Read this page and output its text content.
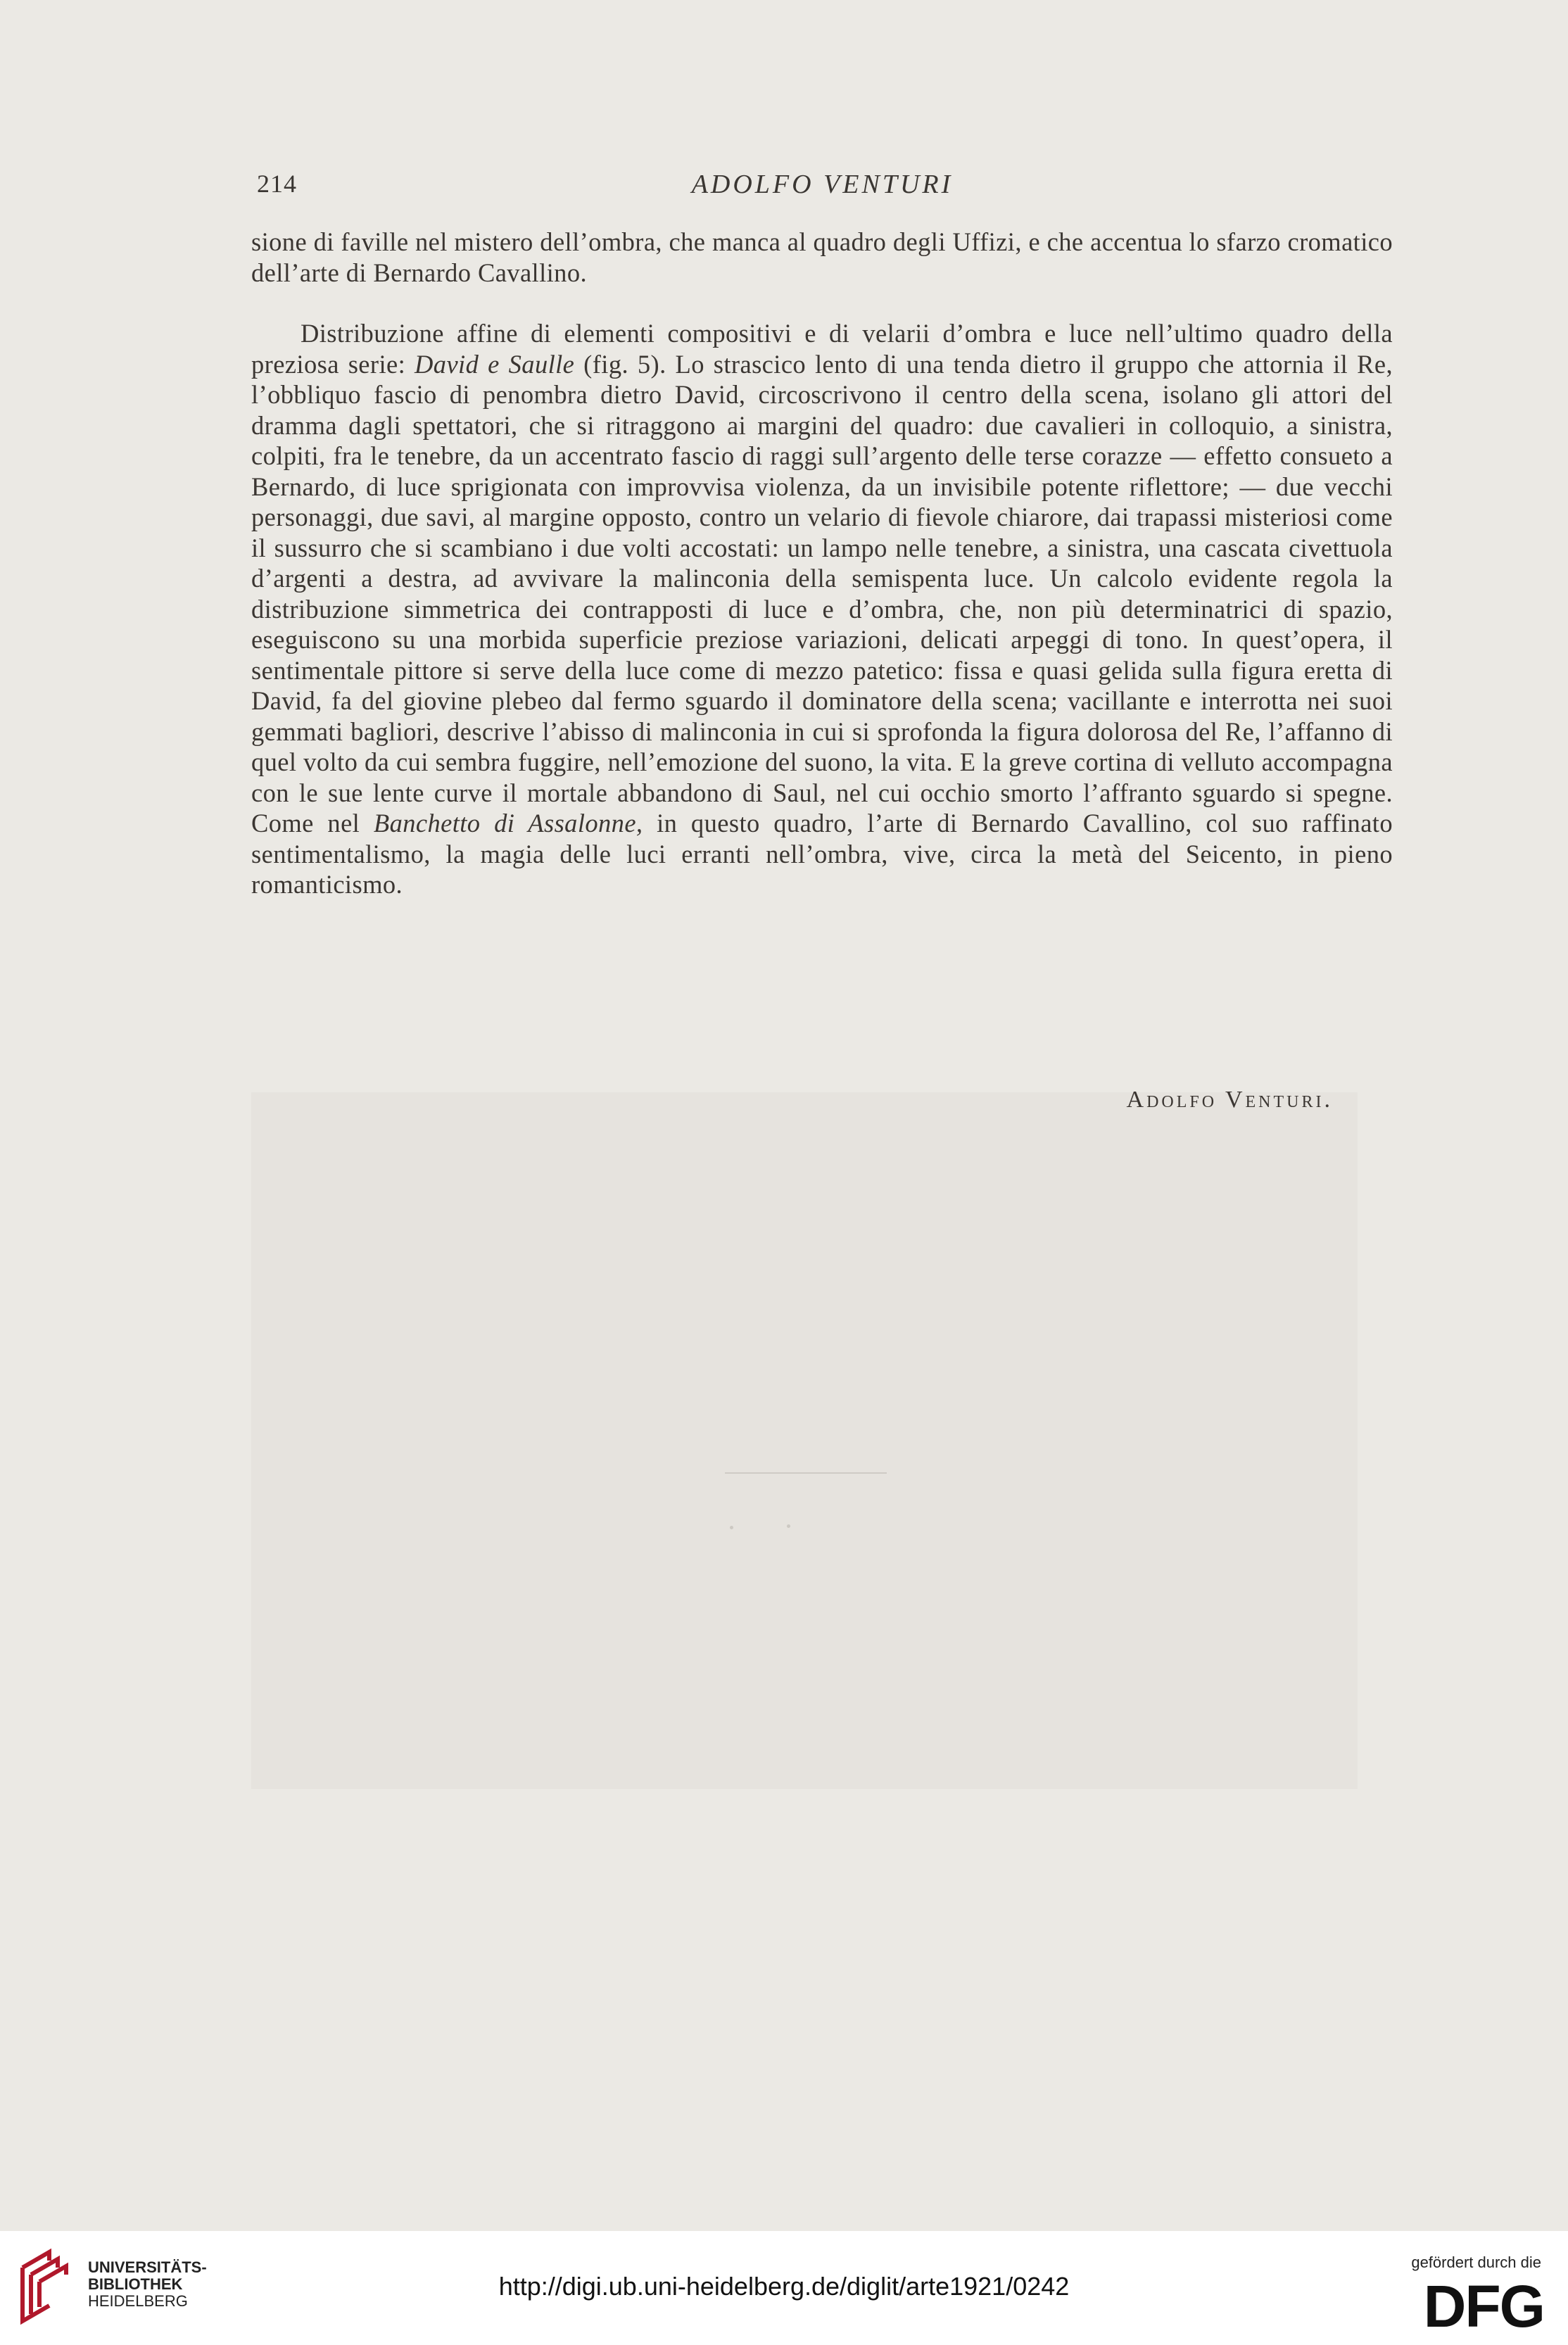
214	ADOLFO VENTURI

sione di faville nel mistero dell’ombra, che manca al quadro degli Uffizi, e che accentua lo sfarzo cromatico dell’arte di Bernardo Cavallino.

Distribuzione affine di elementi compositivi e di velarii d’ombra e luce nell’ultimo quadro della preziosa serie: David e Saulle (fig. 5). Lo strascico lento di una tenda dietro il gruppo che attornia il Re, l’obbliquo fascio di penombra dietro David, circoscrivono il centro della scena, isolano gli attori del dramma dagli spettatori, che si ritraggono ai margini del quadro: due cavalieri in colloquio, a sinistra, colpiti, fra le tenebre, da un accentrato fascio di raggi sull’argento delle terse corazze — effetto consueto a Bernardo, di luce sprigionata con improvvisa violenza, da un invisibile potente riflettore; — due vecchi personaggi, due savi, al margine opposto, contro un velario di fievole chiarore, dai trapassi misteriosi come il sussurro che si scambiano i due volti accostati: un lampo nelle tenebre, a sinistra, una cascata civettuola d’argenti a destra, ad avvivare la malinconia della semispenta luce. Un calcolo evidente regola la distribuzione simmetrica dei contrapposti di luce e d’ombra, che, non più determinatrici di spazio, eseguiscono su una morbida superficie preziose variazioni, delicati arpeggi di tono. In quest’opera, il sentimentale pittore si serve della luce come di mezzo patetico: fissa e quasi gelida sulla figura eretta di David, fa del giovine plebeo dal fermo sguardo il dominatore della scena; vacillante e interrotta nei suoi gemmati bagliori, descrive l’abisso di malinconia in cui si sprofonda la figura dolorosa del Re, l’affanno di quel volto da cui sembra fuggire, nell’emozione del suono, la vita. E la greve cortina di velluto accompagna con le sue lente curve il mortale abbandono di Saul, nel cui occhio smorto l’affranto sguardo si spegne. Come nel Banchetto di Assalonne, in questo quadro, l’arte di Bernardo Cavallino, col suo raffinato sentimentalismo, la magia delle luci erranti nell’ombra, vive, circa la metà del Seicento, in pieno romanticismo.

Adolfo Venturi.
UNIVERSITÄTS-
BIBLIOTHEK
HEIDELBERG
http://digi.ub.uni-heidelberg.de/diglit/arte1921/0242
gefördert durch die
DFG
